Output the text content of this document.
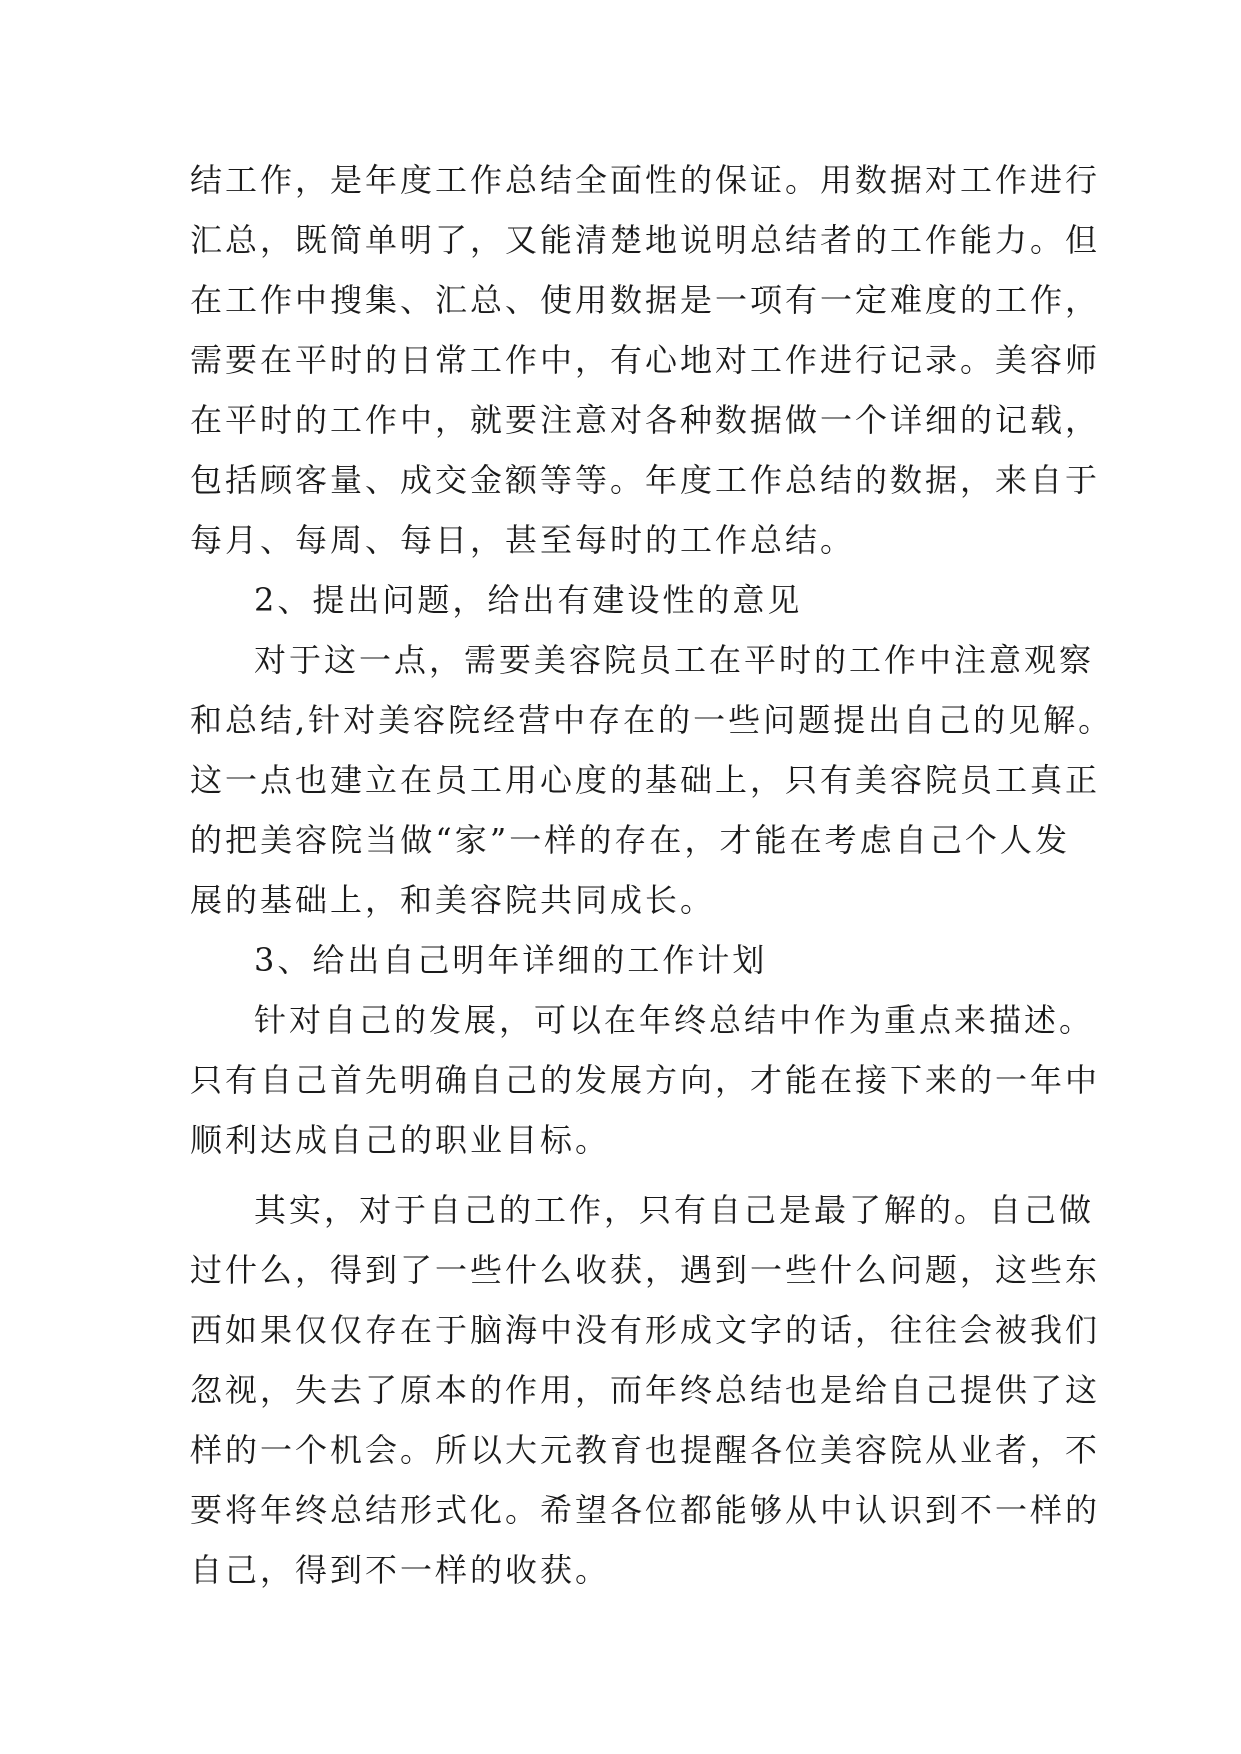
结工作，是年度工作总结全面性的保证。用数据对工作进行
汇总，既简单明了，又能清楚地说明总结者的工作能力。但
在工作中搜集、汇总、使用数据是一项有一定难度的工作，
需要在平时的日常工作中，有心地对工作进行记录。美容师
在平时的工作中，就要注意对各种数据做一个详细的记载，
包括顾客量、成交金额等等。年度工作总结的数据，来自于
每月、每周、每日，甚至每时的工作总结。
2、提出问题，给出有建设性的意见
对于这一点，需要美容院员工在平时的工作中注意观察
和总结,针对美容院经营中存在的一些问题提出自己的见解。
这一点也建立在员工用心度的基础上，只有美容院员工真正
的把美容院当做“家”一样的存在，才能在考虑自己个人发
展的基础上，和美容院共同成长。
3、给出自己明年详细的工作计划
针对自己的发展，可以在年终总结中作为重点来描述。
只有自己首先明确自己的发展方向，才能在接下来的一年中
顺利达成自己的职业目标。
其实，对于自己的工作，只有自己是最了解的。自己做
过什么，得到了一些什么收获，遇到一些什么问题，这些东
西如果仅仅存在于脑海中没有形成文字的话，往往会被我们
忽视，失去了原本的作用，而年终总结也是给自己提供了这
样的一个机会。所以大元教育也提醒各位美容院从业者，不
要将年终总结形式化。希望各位都能够从中认识到不一样的
自己，得到不一样的收获。
